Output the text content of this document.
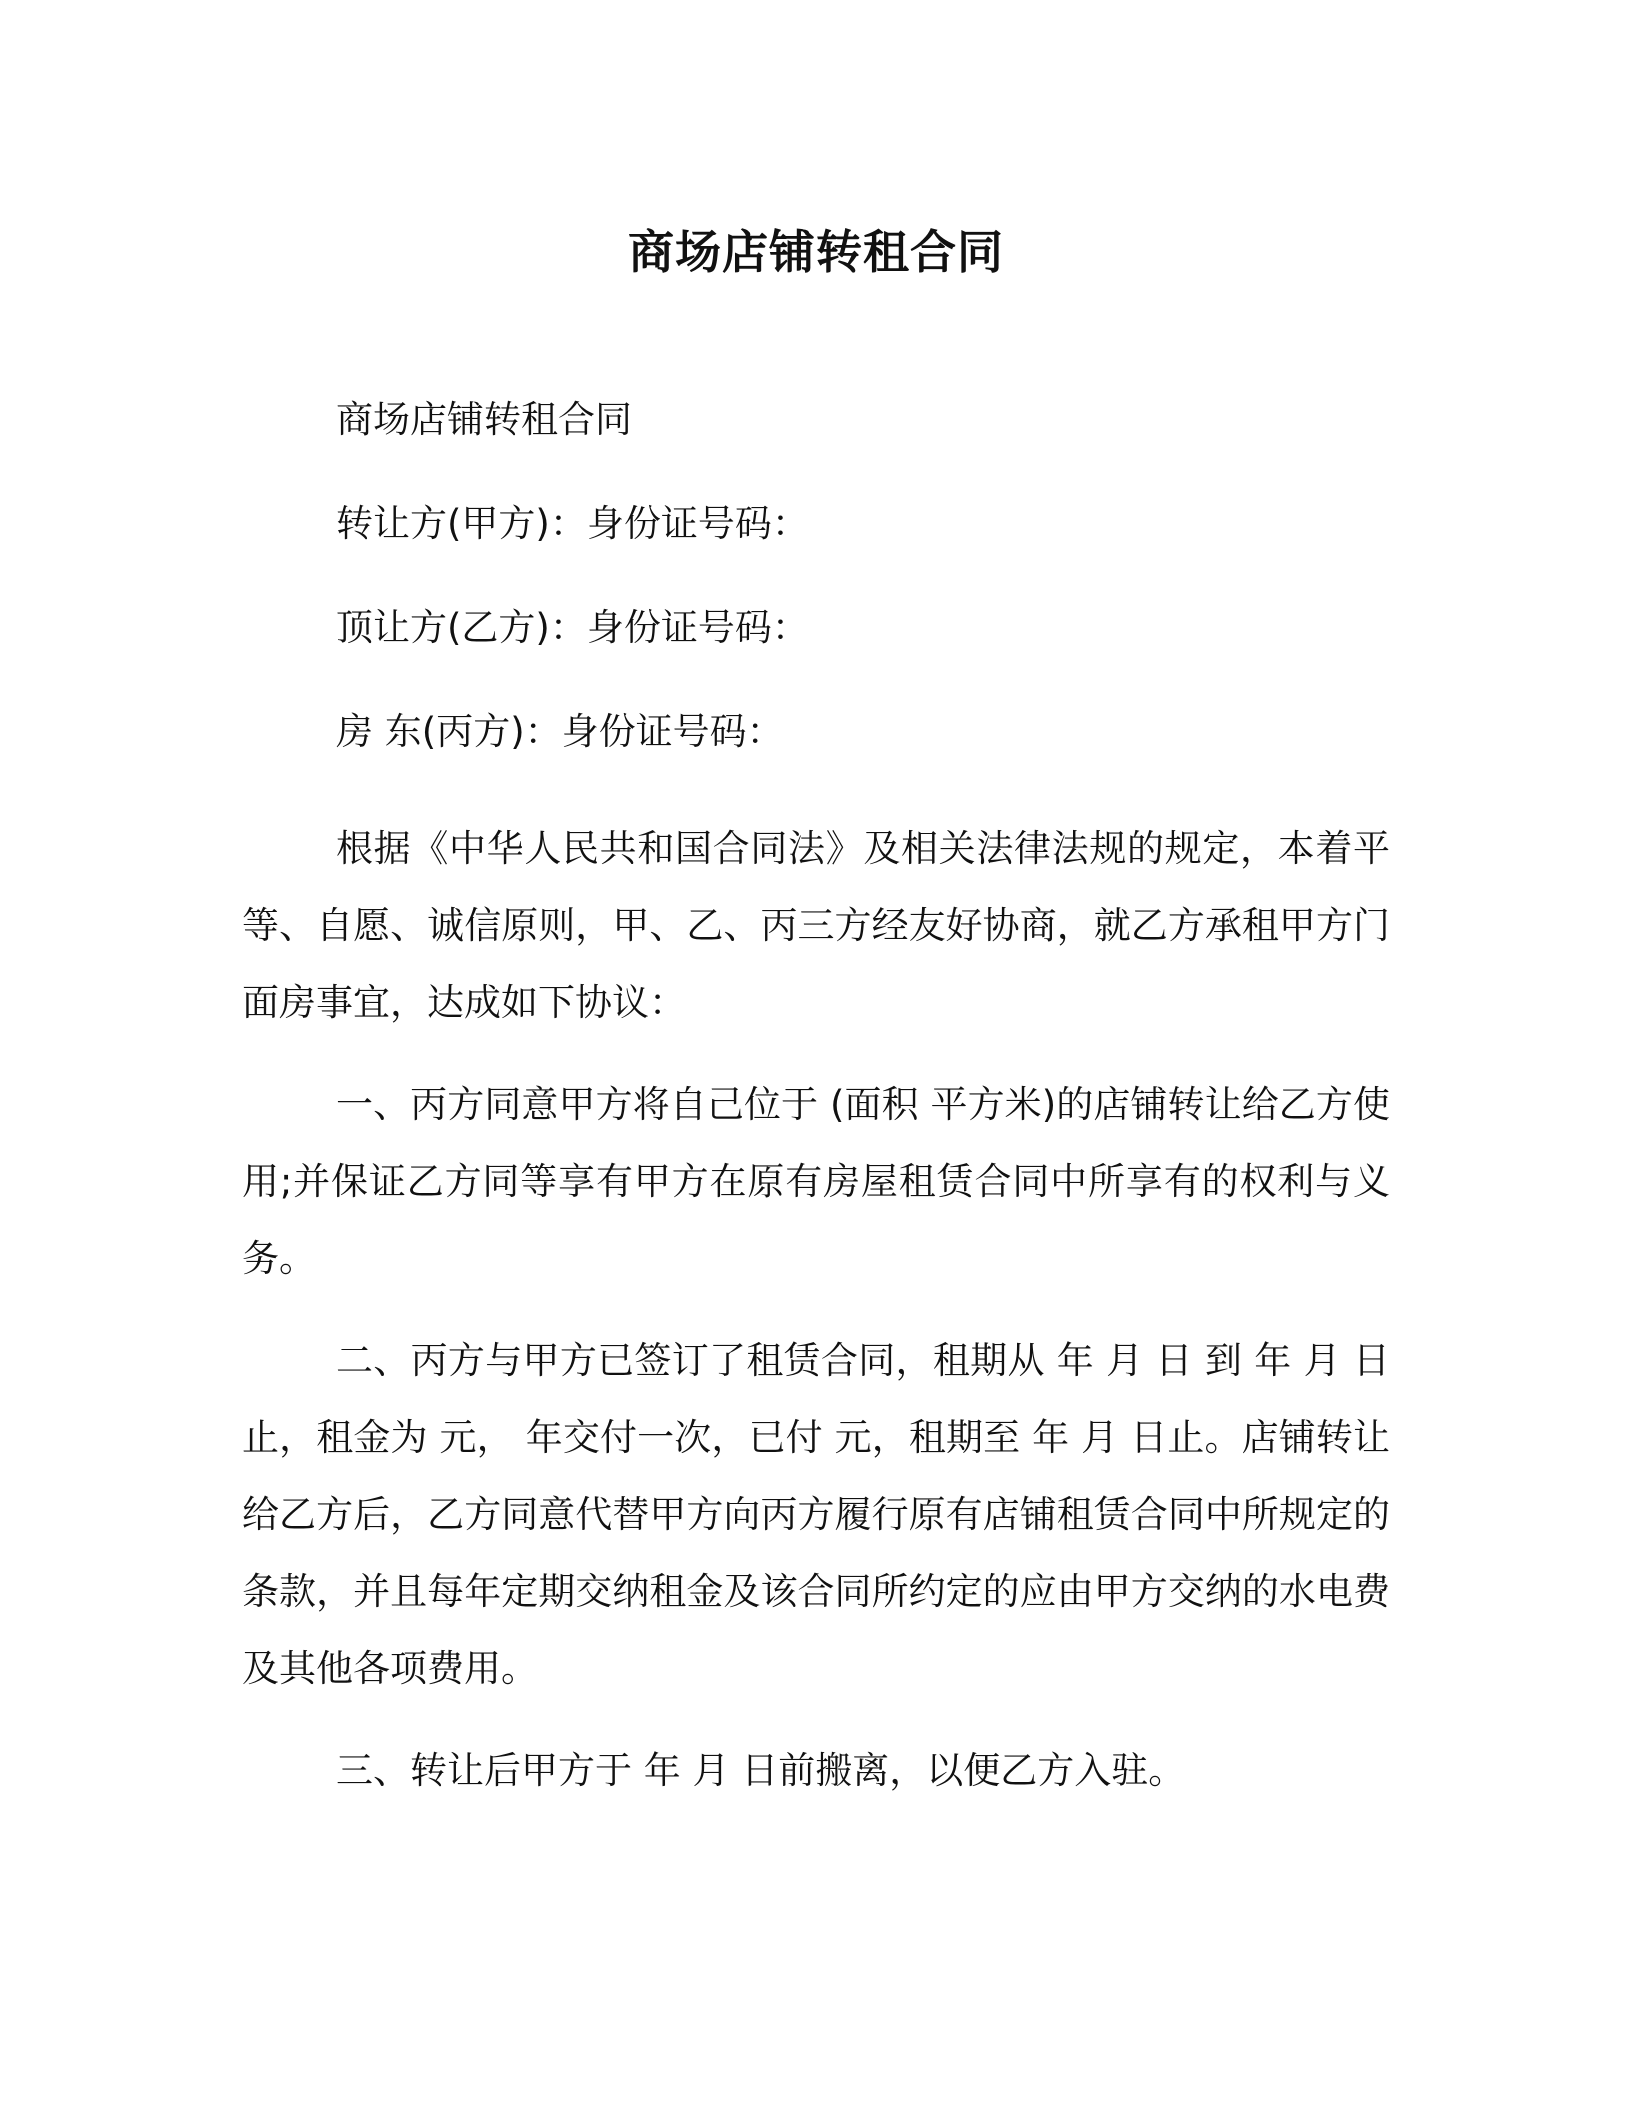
商场店铺转租合同
商场店铺转租合同
转让方(甲方)：身份证号码：
顶让方(乙方)：身份证号码：
房 东(丙方)：身份证号码：

根据《中华人民共和国合同法》及相关法律法规的规定，本着平等、自愿、诚信原则，甲、乙、丙三方经友好协商，就乙方承租甲方门面房事宜，达成如下协议：

一、丙方同意甲方将自己位于 (面积 平方米)的店铺转让给乙方使用;并保证乙方同等享有甲方在原有房屋租赁合同中所享有的权利与义务。

二、丙方与甲方已签订了租赁合同，租期从 年 月 日 到 年 月 日止，租金为 元， 年交付一次，已付 元，租期至 年 月 日止。店铺转让给乙方后，乙方同意代替甲方向丙方履行原有店铺租赁合同中所规定的条款，并且每年定期交纳租金及该合同所约定的应由甲方交纳的水电费及其他各项费用。

三、转让后甲方于 年 月 日前搬离，以便乙方入驻。
